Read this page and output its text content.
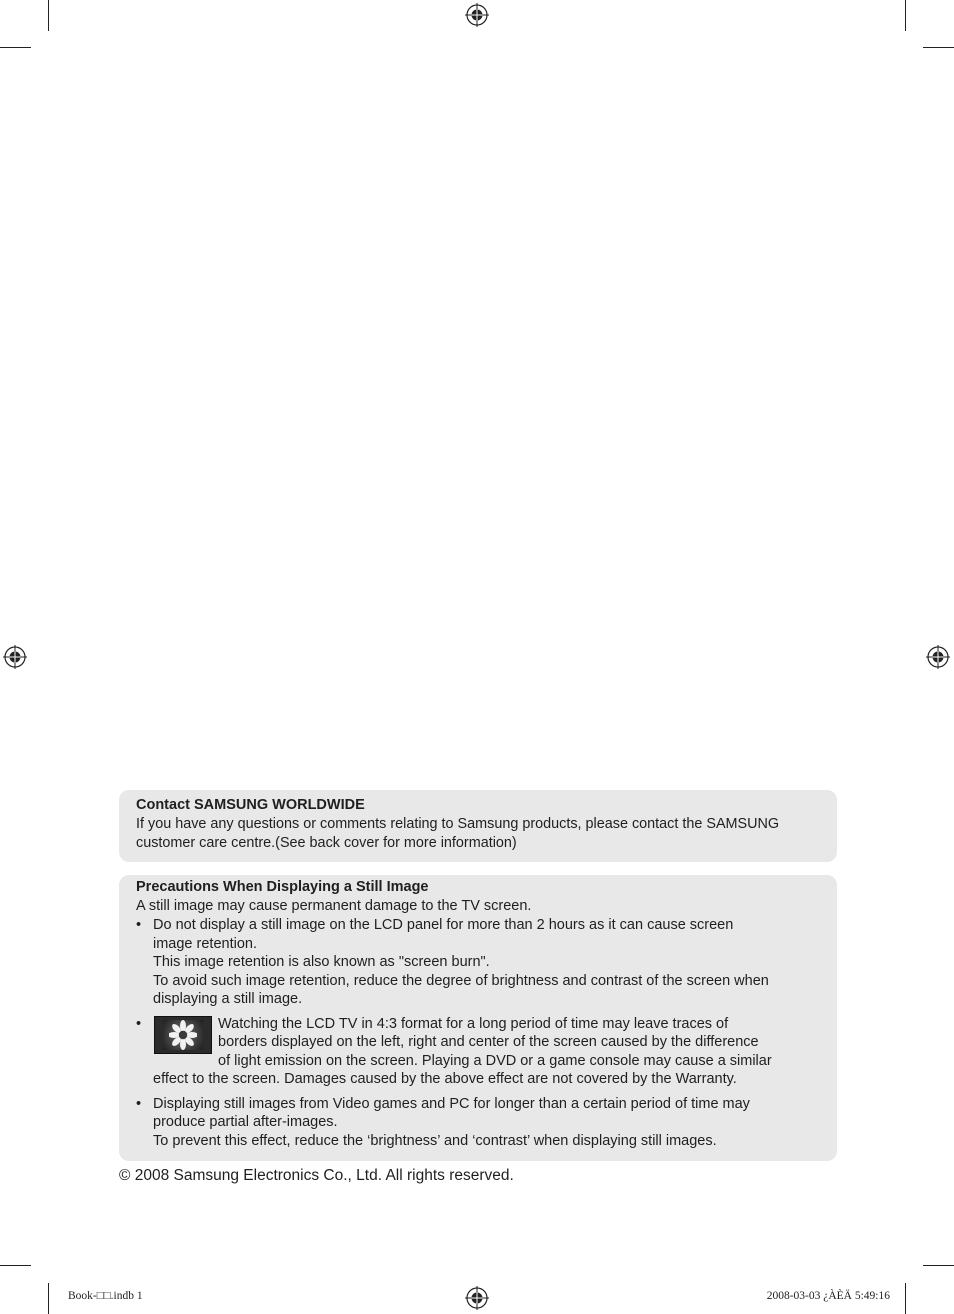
Contact SAMSUNG WORLDWIDE

If you have any questions or comments relating to Samsung products, please contact the SAMSUNG
customer care centre.(See back cover for more information)

Precautions When Displaying a Still Image

A still image may cause permanent damage to the TV screen.

• Do not display a still image on the LCD panel for more than 2 hours as it can cause screen
image retention.
This image retention is also known as "screen burn".
To avoid such image retention, reduce the degree of brightness and contrast of the screen when
displaying a still image.
•	Watching the LCD TV in 4:3 format for a long period of time may leave traces of
borders displayed on the left, right and center of the screen caused by the difference
of light emission on the screen. Playing a DVD or a game console may cause a similar
effect to the screen. Damages caused by the above effect are not covered by the Warranty.
• Displaying still images from Video games and PC for longer than a certain period of time may
produce partial after-images.
To prevent this effect, reduce the ‘brightness’ and ‘contrast’ when displaying still images.

© 2008 Samsung Electronics Co., Ltd. All rights reserved.

Book-□□.indb 1	2008-03-03 ¿ÀÈÄ 5:49:16
